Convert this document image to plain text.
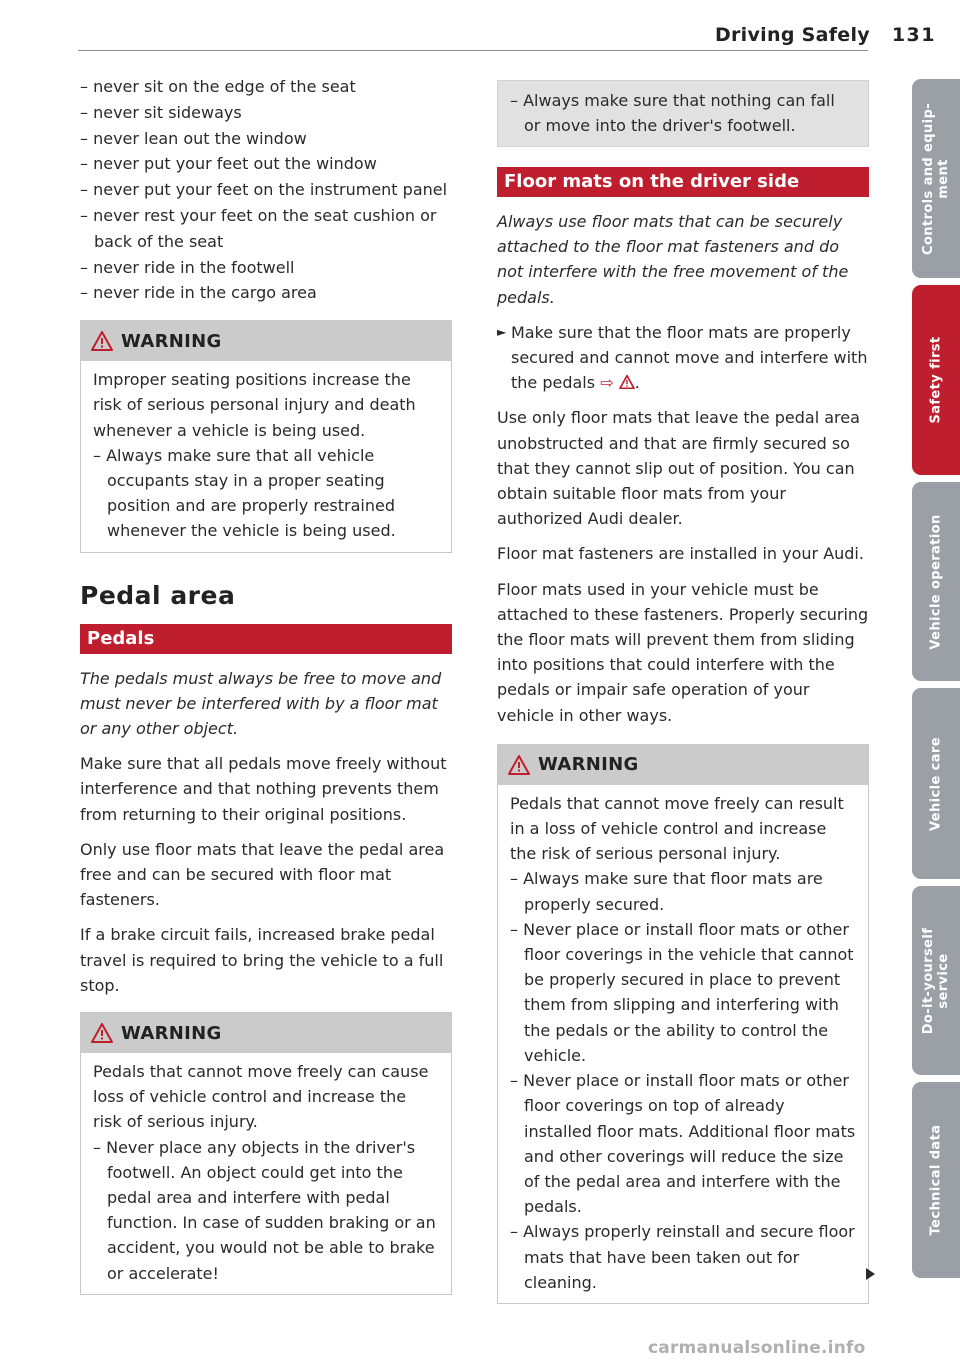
Driving Safely 131
– never sit on the edge of the seat
– never sit sideways
– never lean out the window
– never put your feet out the window
– never put your feet on the instrument panel
– never rest your feet on the seat cushion or back of the seat
– never ride in the footwell
– never ride in the cargo area
WARNING

Improper seating positions increase the risk of serious personal injury and death whenever a vehicle is being used.

– Always make sure that all vehicle occupants stay in a proper seating position and are properly restrained whenever the vehicle is being used.
Pedal area
Pedals

The pedals must always be free to move and must never be interfered with by a floor mat or any other object.

Make sure that all pedals move freely without interference and that nothing prevents them from returning to their original positions.

Only use floor mats that leave the pedal area free and can be secured with floor mat fasteners.

If a brake circuit fails, increased brake pedal travel is required to bring the vehicle to a full stop.

WARNING

Pedals that cannot move freely can cause loss of vehicle control and increase the risk of serious injury.

– Never place any objects in the driver's footwell. An object could get into the pedal area and interfere with pedal function. In case of sudden braking or an accident, you would not be able to brake or accelerate!
– Always make sure that nothing can fall or move into the driver's footwell.
Floor mats on the driver side

Always use floor mats that can be securely attached to the floor mat fasteners and do not interfere with the free movement of the pedals.

► Make sure that the floor mats are properly secured and cannot move and interfere with the pedals ⇨ .

Use only floor mats that leave the pedal area unobstructed and that are firmly secured so that they cannot slip out of position. You can obtain suitable floor mats from your authorized Audi dealer.

Floor mat fasteners are installed in your Audi.

Floor mats used in your vehicle must be attached to these fasteners. Properly securing the floor mats will prevent them from sliding into positions that could interfere with the pedals or impair safe operation of your vehicle in other ways.

WARNING

Pedals that cannot move freely can result in a loss of vehicle control and increase the risk of serious personal injury.

– Always make sure that floor mats are properly secured.
– Never place or install floor mats or other floor coverings in the vehicle that cannot be properly secured in place to prevent them from slipping and interfering with the pedals or the ability to control the vehicle.
– Never place or install floor mats or other floor coverings on top of already installed floor mats. Additional floor mats and other coverings will reduce the size of the pedal area and interfere with the pedals.
– Always properly reinstall and secure floor mats that have been taken out for cleaning.
Controls and equip-
ment
Safety first
Vehicle operation
Vehicle care
Do-it-yourself
service
Technical data
carmanualsonline.info
